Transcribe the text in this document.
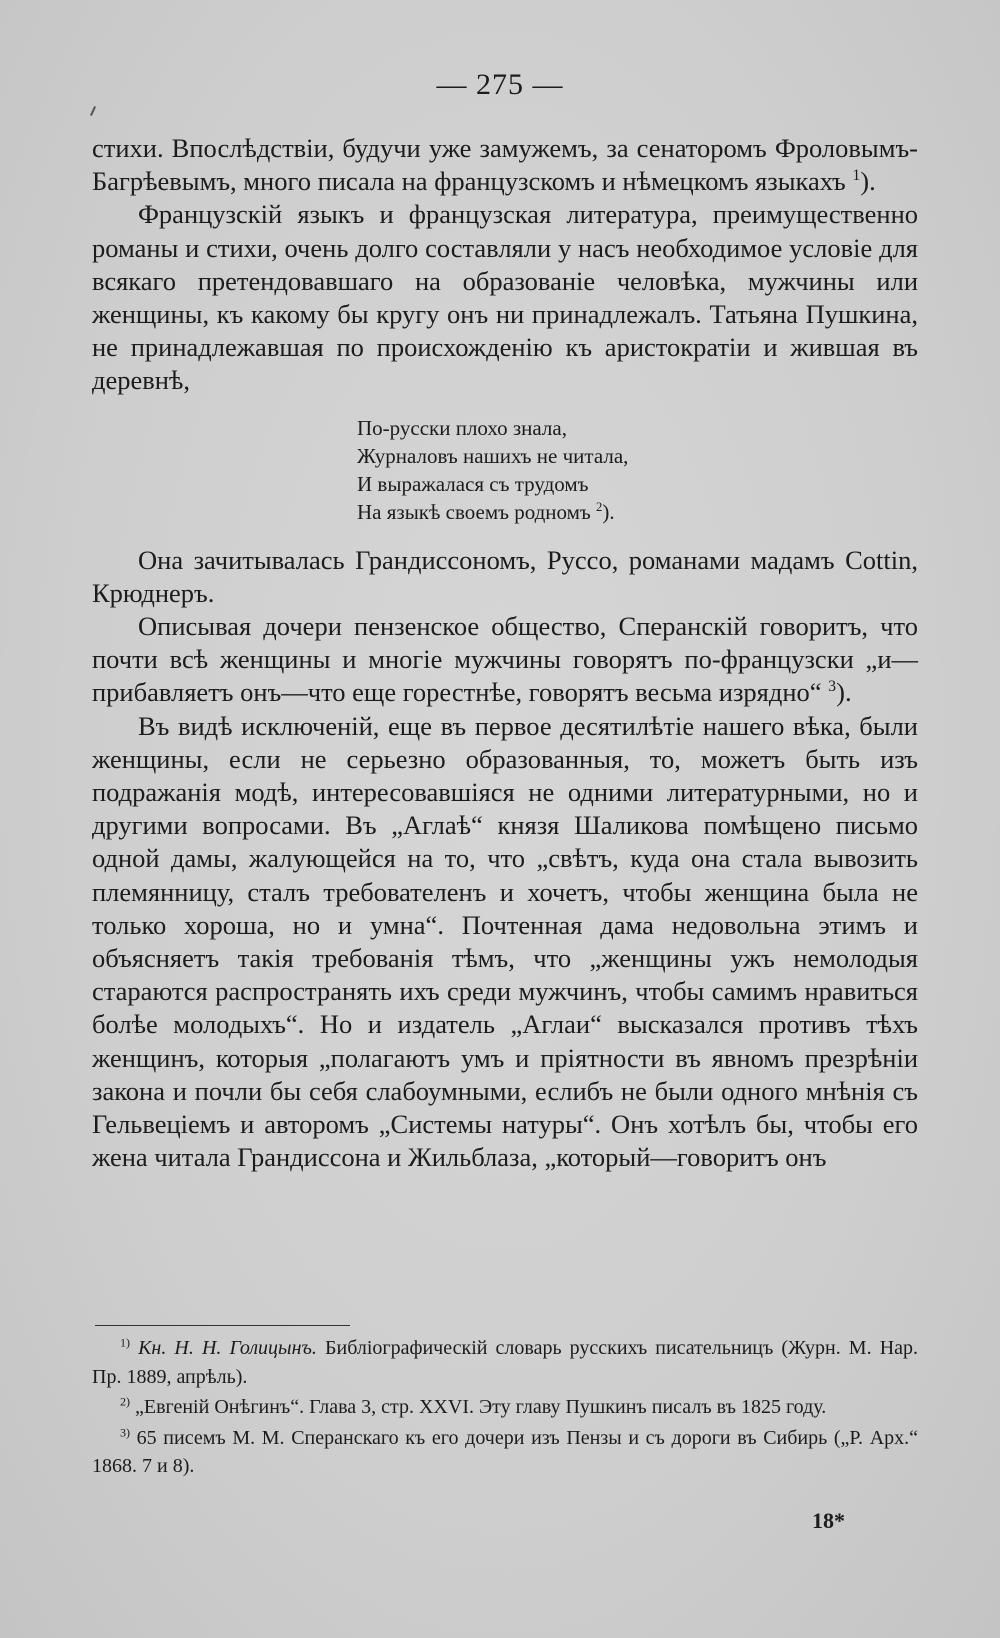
— 275 —

стихи. Впослѣдствіи, будучи уже замужемъ, за сенаторомъ Фроловымъ-Багрѣевымъ, много писала на французскомъ и нѣмецкомъ языкахъ $^1$).

Французскій языкъ и французская литература, преимущественно романы и стихи, очень долго составляли у насъ необходимое условіе для всякаго претендовавшаго на образованіе человѣка, мужчины или женщины, къ какому бы кругу онъ ни принадлежалъ. Татьяна Пушкина, не принадлежавшая по происхожденію къ аристократіи и жившая въ деревнѣ,

По-русски плохо знала,
Журналовъ нашихъ не читала,
И выражалася съ трудомъ
На языкѣ своемъ родномъ $^2$).

Она зачитывалась Грандиссономъ, Руссо, романами мадамъ Cottin, Крюднеръ.

Описывая дочери пензенское общество, Сперанскій говоритъ, что почти всѣ женщины и многіе мужчины говорятъ по-французски „и—прибавляетъ онъ—что еще горестнѣе, говорятъ весьма изрядно“ $^3$).

Въ видѣ исключеній, еще въ первое десятилѣтіе нашего вѣка, были женщины, если не серьезно образованныя, то, можетъ быть изъ подражанія модѣ, интересовавшіяся не одними литературными, но и другими вопросами. Въ „Аглаѣ“ князя Шаликова помѣщено письмо одной дамы, жалующейся на то, что „свѣтъ, куда она стала вывозить племянницу, сталъ требователенъ и хочетъ, чтобы женщина была не только хороша, но и умна“. Почтенная дама недовольна этимъ и объясняетъ такія требованія тѣмъ, что „женщины ужъ немолодыя стараются распространять ихъ среди мужчинъ, чтобы самимъ нравиться болѣе молодыхъ“. Но и издатель „Аглаи“ высказался противъ тѣхъ женщинъ, которыя „полагаютъ умъ и пріятности въ явномъ презрѣніи закона и почли бы себя слабоумными, еслибъ не были одного мнѣнія съ Гельвеціемъ и авторомъ „Системы натуры“. Онъ хотѣлъ бы, чтобы его жена читала Грандиссона и Жильблаза, „который—говоритъ онъ

$^{1)}$ Кн. Н. Н. Голицынъ. Библіографическій словарь русскихъ писательницъ (Журн. М. Нар. Пр. 1889, апрѣль).

$^{2)}$ „Евгеній Онѣгинъ“. Глава 3, стр. XXVI. Эту главу Пушкинъ писалъ въ 1825 году.

$^{3)}$ 65 писемъ М. М. Сперанскаго къ его дочери изъ Пензы и съ дороги въ Сибирь („Р. Арх.“ 1868. 7 и 8).

18*
